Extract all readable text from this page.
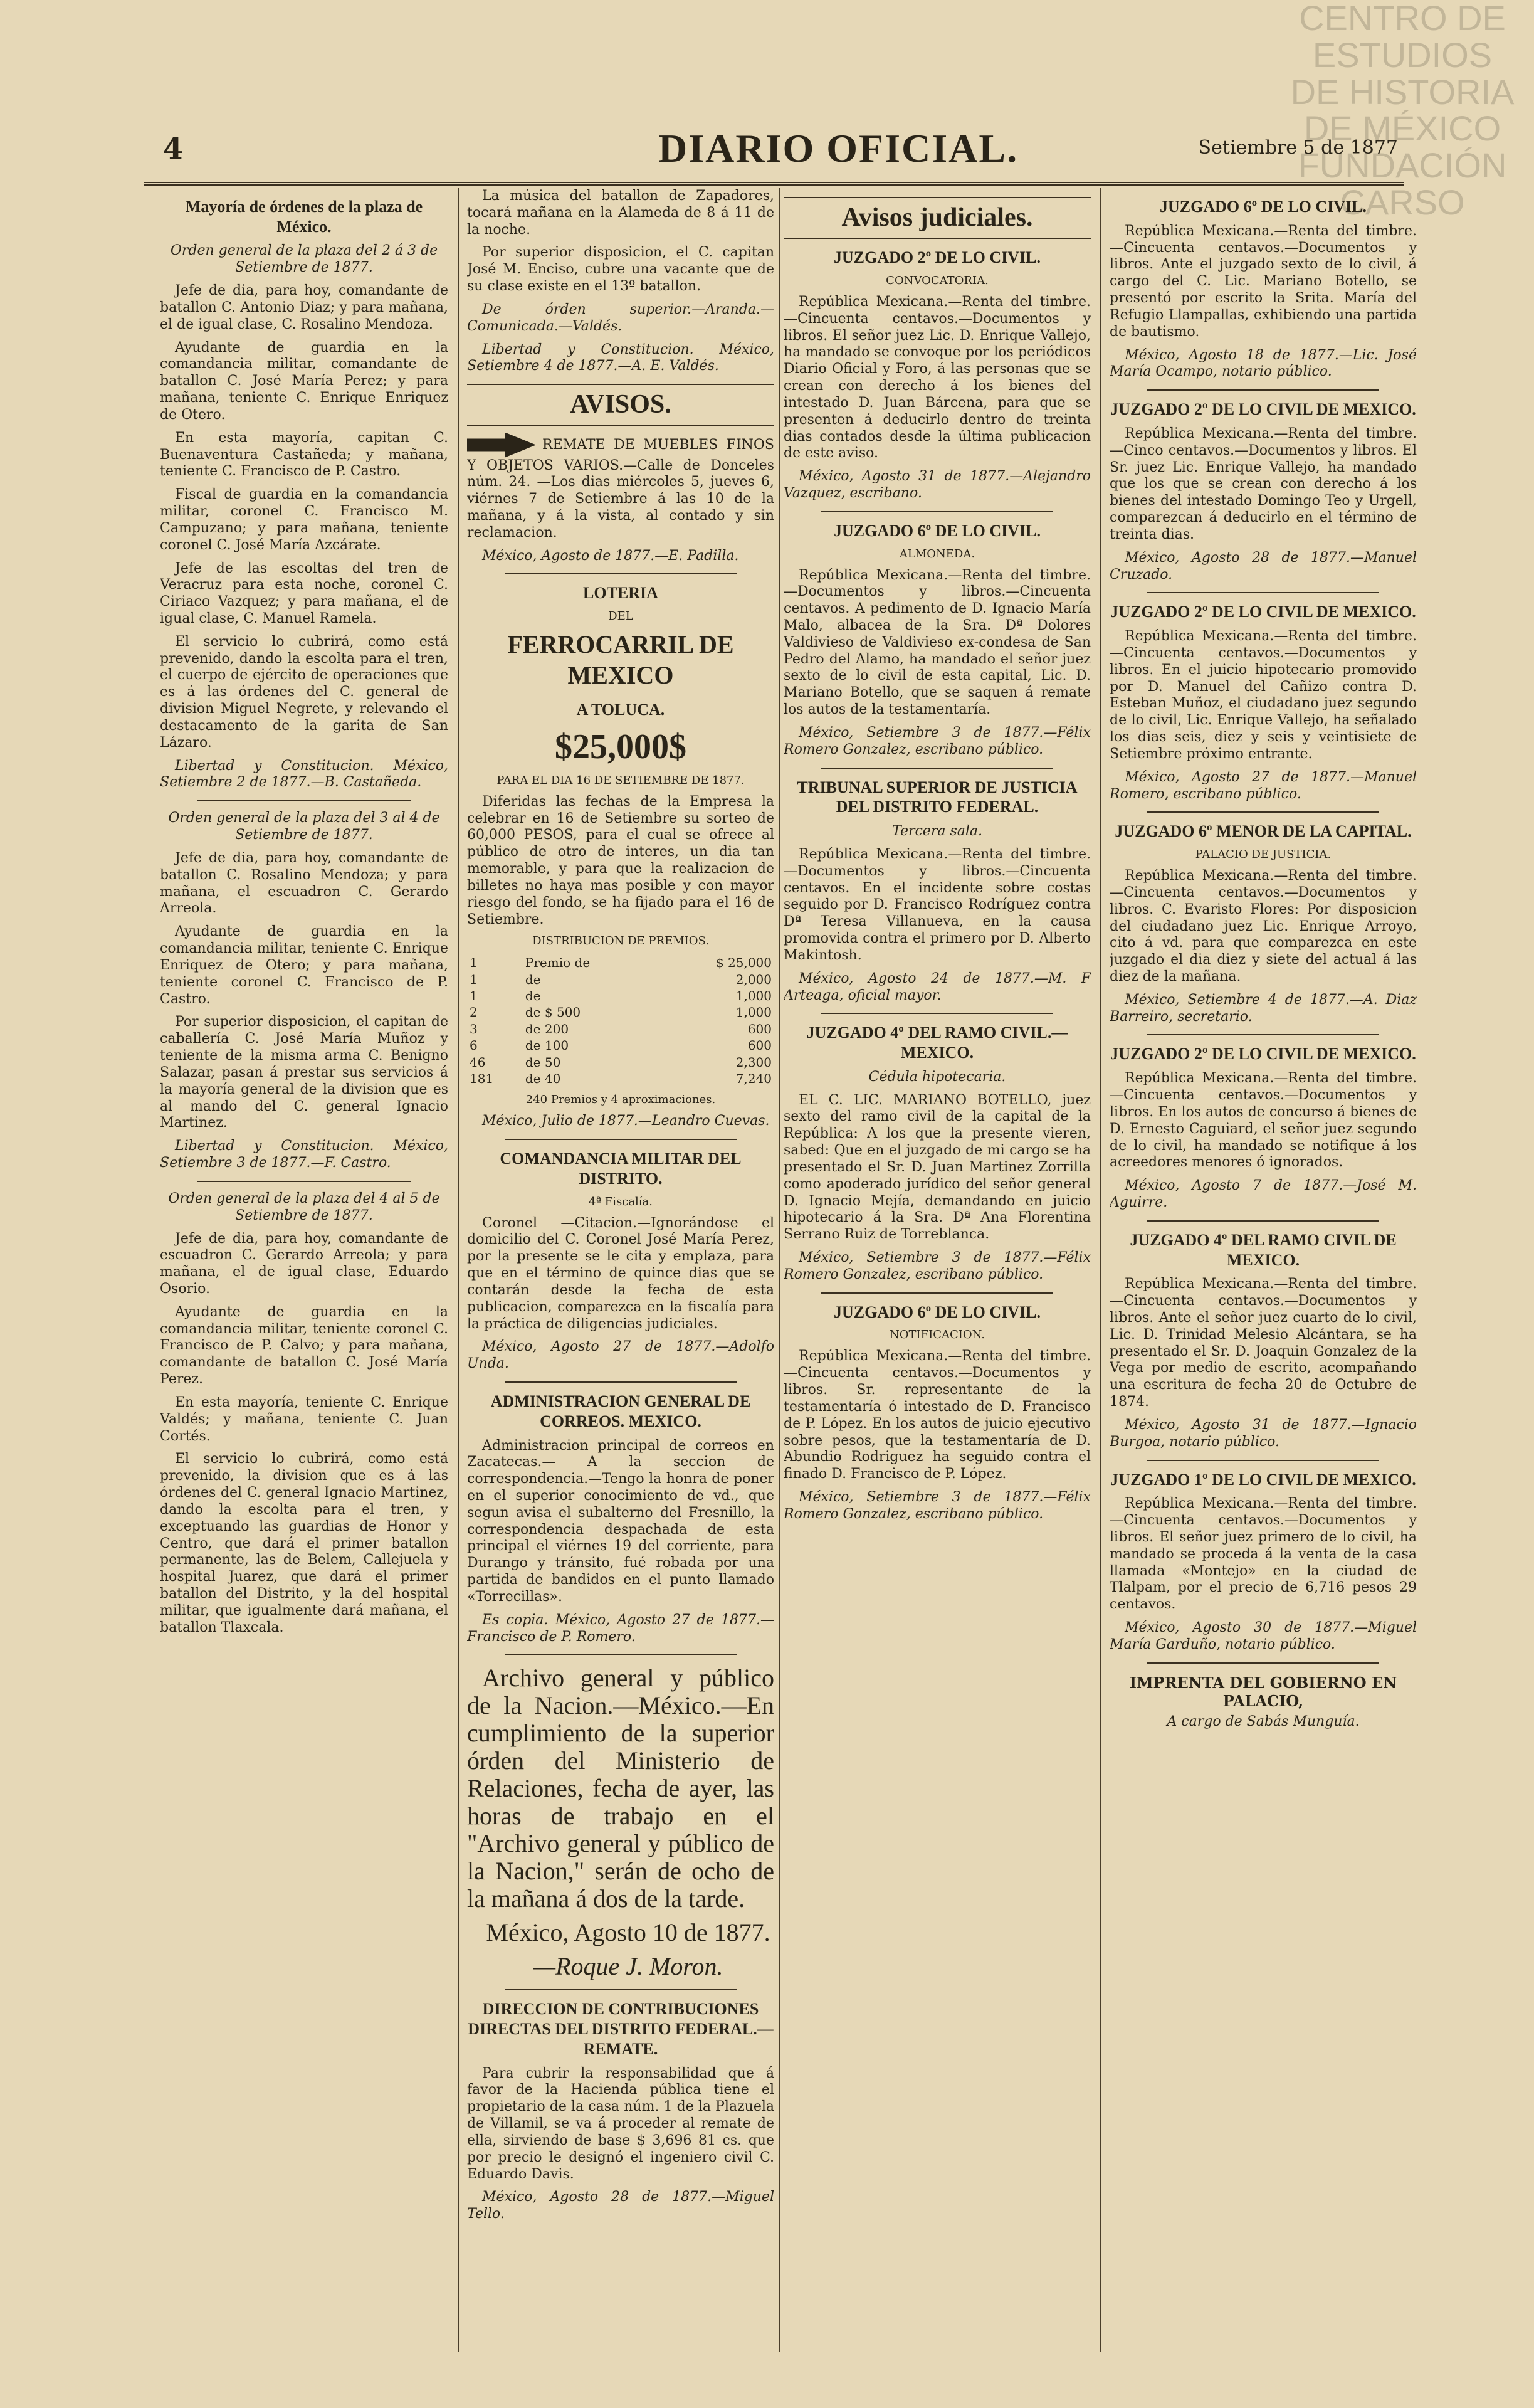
CENTRO DE ESTUDIOS DE HISTORIA DE MÉXICO FUNDACIÓN CARSO
4	DIARIO OFICIAL.	Setiembre 5 de 1877
Mayoría de órdenes de la plaza de México.
Orden general de la plaza del 2 á 3 de Setiembre de 1877.

Jefe de dia, para hoy, comandante de batallon C. Antonio Diaz; y para mañana, el de igual clase, C. Rosalino Mendoza.

Ayudante de guardia en la comandancia militar, comandante de batallon C. José María Perez; y para mañana, teniente C. Enrique Enriquez de Otero.

En esta mayoría, capitan C. Buenaventura Castañeda; y mañana, teniente C. Francisco de P. Castro.

Fiscal de guardia en la comandancia militar, coronel C. Francisco M. Campuzano; y para mañana, teniente coronel C. José María Azcárate.

Jefe de las escoltas del tren de Veracruz para esta noche, coronel C. Ciriaco Vazquez; y para mañana, el de igual clase, C. Manuel Ramela.

El servicio lo cubrirá, como está prevenido, dando la escolta para el tren, el cuerpo de ejército de operaciones que es á las órdenes del C. general de division Miguel Negrete, y relevando el destacamento de la garita de San Lázaro.

Libertad y Constitucion. México, Setiembre 2 de 1877.—B. Castañeda.

Orden general de la plaza del 3 al 4 de Setiembre de 1877.

Jefe de dia, para hoy, comandante de batallon C. Rosalino Mendoza; y para mañana, el escuadron C. Gerardo Arreola.

Ayudante de guardia en la comandancia militar, teniente C. Enrique Enriquez de Otero; y para mañana, teniente coronel C. Francisco de P. Castro.

Por superior disposicion, el capitan de caballería C. José María Muñoz y teniente de la misma arma C. Benigno Salazar, pasan á prestar sus servicios á la mayoría general de la division que es al mando del C. general Ignacio Martinez.

Libertad y Constitucion. México, Setiembre 3 de 1877.—F. Castro.

Orden general de la plaza del 4 al 5 de Setiembre de 1877.

Jefe de dia, para hoy, comandante de escuadron C. Gerardo Arreola; y para mañana, el de igual clase, Eduardo Osorio.

Ayudante de guardia en la comandancia militar, teniente coronel C. Francisco de P. Calvo; y para mañana, comandante de batallon C. José María Perez.

En esta mayoría, teniente C. Enrique Valdés; y mañana, teniente C. Juan Cortés.

El servicio lo cubrirá, como está prevenido, la division que es á las órdenes del C. general Ignacio Martinez, dando la escolta para el tren, y exceptuando las guardias de Honor y Centro, que dará el primer batallon permanente, las de Belem, Callejuela y hospital Juarez, que dará el primer batallon del Distrito, y la del hospital militar, que igualmente dará mañana, el batallon Tlaxcala.

La música del batallon de Zapadores, tocará mañana en la Alameda de 8 á 11 de la noche.

Por superior disposicion, el C. capitan José M. Enciso, cubre una vacante que de su clase existe en el 13º batallon.

De órden superior.—Aranda.—Comunicada.—Valdés.

Libertad y Constitucion. México, Setiembre 4 de 1877.—A. E. Valdés.

AVISOS.

REMATE DE MUEBLES FINOS Y OBJETOS VARIOS.—Calle de Donceles núm. 24. —Los dias miércoles 5, jueves 6, viérnes 7 de Setiembre á las 10 de la mañana, y á la vista, al contado y sin reclamacion.

México, Agosto de 1877.—E. Padilla.

LOTERIA
DEL
FERROCARRIL DE MEXICO
A TOLUCA.
$25,000$
PARA EL DIA 16 DE SETIEMBRE DE 1877.

Diferidas las fechas de la Empresa la celebrar en 16 de Setiembre su sorteo de 60,000 PESOS, para el cual se ofrece al público de otro de interes, un dia tan memorable, y para que la realizacion de billetes no haya mas posible y con mayor riesgo del fondo, se ha fijado para el 16 de Setiembre.

DISTRIBUCION DE PREMIOS.
1	Premio de	$ 25,000
1	de	2,000
1	de	1,000
2	de $ 500	1,000
3	de 200	600
6	de 100	600
46	de 50	2,300
181	de 40	7,240
240 Premios y 4 aproximaciones.

México, Julio de 1877.—Leandro Cuevas.

COMANDANCIA MILITAR DEL DISTRITO.
4ª Fiscalía.

Coronel —Citacion.—Ignorándose el domicilio del C. Coronel José María Perez, por la presente se le cita y emplaza, para que en el término de quince dias que se contarán desde la fecha de esta publicacion, comparezca en la fiscalía para la práctica de diligencias judiciales.

México, Agosto 27 de 1877.—Adolfo Unda.

ADMINISTRACION GENERAL DE CORREOS. MEXICO.

Administracion principal de correos en Zacatecas.— A la seccion de correspondencia.—Tengo la honra de poner en el superior conocimiento de vd., que segun avisa el subalterno del Fresnillo, la correspondencia despachada de esta principal el viérnes 19 del corriente, para Durango y tránsito, fué robada por una partida de bandidos en el punto llamado «Torrecillas».

Es copia. México, Agosto 27 de 1877.—Francisco de P. Romero.

Archivo general y público de la Nacion.—México.—En cumplimiento de la superior órden del Ministerio de Relaciones, fecha de ayer, las horas de trabajo en el "Archivo general y público de la Nacion," serán de ocho de la mañana á dos de la tarde.

México, Agosto 10 de 1877.

—Roque J. Moron.

DIRECCION DE CONTRIBUCIONES DIRECTAS DEL DISTRITO FEDERAL.—REMATE.

Para cubrir la responsabilidad que á favor de la Hacienda pública tiene el propietario de la casa núm. 1 de la Plazuela de Villamil, se va á proceder al remate de ella, sirviendo de base $ 3,696 81 cs. que por precio le designó el ingeniero civil C. Eduardo Davis.

México, Agosto 28 de 1877.—Miguel Tello.

Avisos judiciales.
JUZGADO 2º DE LO CIVIL.
CONVOCATORIA.

República Mexicana.—Renta del timbre.—Cincuenta centavos.—Documentos y libros. El señor juez Lic. D. Enrique Vallejo, ha mandado se convoque por los periódicos Diario Oficial y Foro, á las personas que se crean con derecho á los bienes del intestado D. Juan Bárcena, para que se presenten á deducirlo dentro de treinta dias contados desde la última publicacion de este aviso.

México, Agosto 31 de 1877.—Alejandro Vazquez, escribano.

JUZGADO 6º DE LO CIVIL.
ALMONEDA.

República Mexicana.—Renta del timbre.—Documentos y libros.—Cincuenta centavos. A pedimento de D. Ignacio María Malo, albacea de la Sra. Dª Dolores Valdivieso de Valdivieso ex-condesa de San Pedro del Alamo, ha mandado el señor juez sexto de lo civil de esta capital, Lic. D. Mariano Botello, que se saquen á remate los autos de la testamentaría.

México, Setiembre 3 de 1877.—Félix Romero Gonzalez, escribano público.

TRIBUNAL SUPERIOR DE JUSTICIA DEL DISTRITO FEDERAL.
Tercera sala.

República Mexicana.—Renta del timbre.—Documentos y libros.—Cincuenta centavos. En el incidente sobre costas seguido por D. Francisco Rodríguez contra Dª Teresa Villanueva, en la causa promovida contra el primero por D. Alberto Makintosh.

México, Agosto 24 de 1877.—M. F Arteaga, oficial mayor.

JUZGADO 4º DEL RAMO CIVIL.—MEXICO.
Cédula hipotecaria.

EL C. LIC. MARIANO BOTELLO, juez sexto del ramo civil de la capital de la República: A los que la presente vieren, sabed: Que en el juzgado de mi cargo se ha presentado el Sr. D. Juan Martinez Zorrilla como apoderado jurídico del señor general D. Ignacio Mejía, demandando en juicio hipotecario á la Sra. Dª Ana Florentina Serrano Ruiz de Torreblanca.

México, Setiembre 3 de 1877.—Félix Romero Gonzalez, escribano público.

JUZGADO 6º DE LO CIVIL.
NOTIFICACION.

República Mexicana.—Renta del timbre.—Cincuenta centavos.—Documentos y libros. Sr. representante de la testamentaría ó intestado de D. Francisco de P. López. En los autos de juicio ejecutivo sobre pesos, que la testamentaría de D. Abundio Rodriguez ha seguido contra el finado D. Francisco de P. López.

México, Setiembre 3 de 1877.—Félix Romero Gonzalez, escribano público.

JUZGADO 6º DE LO CIVIL.

República Mexicana.—Renta del timbre.—Cincuenta centavos.—Documentos y libros. Ante el juzgado sexto de lo civil, á cargo del C. Lic. Mariano Botello, se presentó por escrito la Srita. María del Refugio Llampallas, exhibiendo una partida de bautismo.

México, Agosto 18 de 1877.—Lic. José María Ocampo, notario público.

JUZGADO 2º DE LO CIVIL DE MEXICO.

República Mexicana.—Renta del timbre.—Cinco centavos.—Documentos y libros. El Sr. juez Lic. Enrique Vallejo, ha mandado que los que se crean con derecho á los bienes del intestado Domingo Teo y Urgell, comparezcan á deducirlo en el término de treinta dias.

México, Agosto 28 de 1877.—Manuel Cruzado.

JUZGADO 2º DE LO CIVIL DE MEXICO.

República Mexicana.—Renta del timbre.—Cincuenta centavos.—Documentos y libros. En el juicio hipotecario promovido por D. Manuel del Cañizo contra D. Esteban Muñoz, el ciudadano juez segundo de lo civil, Lic. Enrique Vallejo, ha señalado los dias seis, diez y seis y veintisiete de Setiembre próximo entrante.

México, Agosto 27 de 1877.—Manuel Romero, escribano público.

JUZGADO 6º MENOR DE LA CAPITAL.
PALACIO DE JUSTICIA.

República Mexicana.—Renta del timbre.—Cincuenta centavos.—Documentos y libros. C. Evaristo Flores: Por disposicion del ciudadano juez Lic. Enrique Arroyo, cito á vd. para que comparezca en este juzgado el dia diez y siete del actual á las diez de la mañana.

México, Setiembre 4 de 1877.—A. Diaz Barreiro, secretario.

JUZGADO 2º DE LO CIVIL DE MEXICO.

República Mexicana.—Renta del timbre.—Cincuenta centavos.—Documentos y libros. En los autos de concurso á bienes de D. Ernesto Caguiard, el señor juez segundo de lo civil, ha mandado se notifique á los acreedores menores ó ignorados.

México, Agosto 7 de 1877.—José M. Aguirre.

JUZGADO 4º DEL RAMO CIVIL DE MEXICO.

República Mexicana.—Renta del timbre.—Cincuenta centavos.—Documentos y libros. Ante el señor juez cuarto de lo civil, Lic. D. Trinidad Melesio Alcántara, se ha presentado el Sr. D. Joaquin Gonzalez de la Vega por medio de escrito, acompañando una escritura de fecha 20 de Octubre de 1874.

México, Agosto 31 de 1877.—Ignacio Burgoa, notario público.

JUZGADO 1º DE LO CIVIL DE MEXICO.

República Mexicana.—Renta del timbre.—Cincuenta centavos.—Documentos y libros. El señor juez primero de lo civil, ha mandado se proceda á la venta de la casa llamada «Montejo» en la ciudad de Tlalpam, por el precio de 6,716 pesos 29 centavos.

México, Agosto 30 de 1877.—Miguel María Garduño, notario público.

IMPRENTA DEL GOBIERNO EN PALACIO,
A cargo de Sabás Munguía.
